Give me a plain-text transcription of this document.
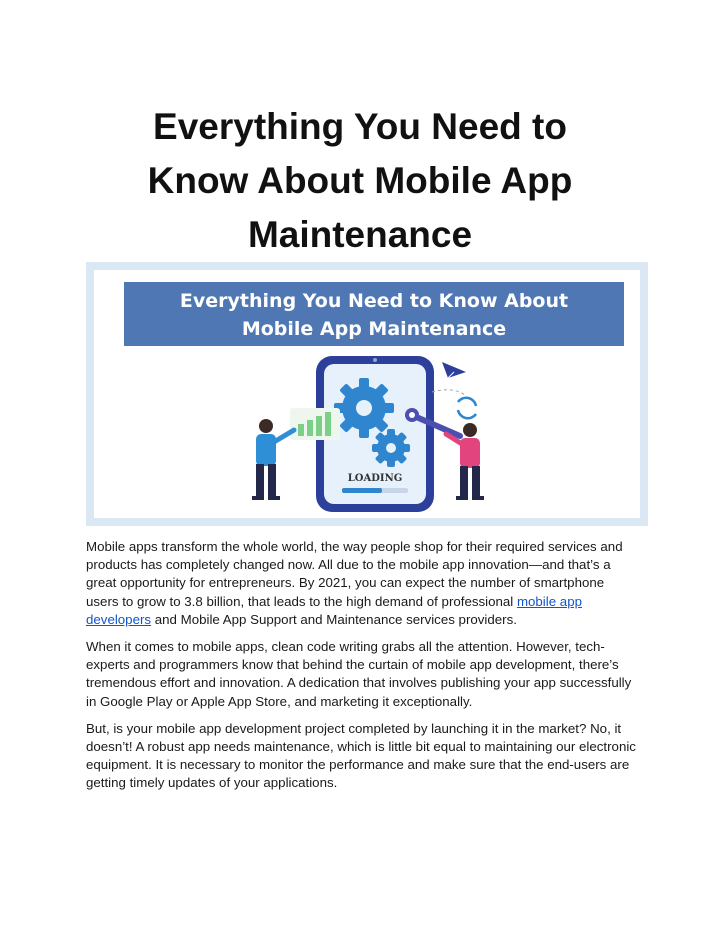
Everything You Need to
Know About Mobile App
Maintenance
Everything You Need to Know About
Mobile App Maintenance
LOADING

Mobile apps transform the whole world, the way people shop for their required services and products has completely changed now. All due to the mobile app innovation—and that’s a great opportunity for entrepreneurs. By 2021, you can expect the number of smartphone users to grow to 3.8 billion, that leads to the high demand of professional mobile app developers and Mobile App Support and Maintenance services providers.

When it comes to mobile apps, clean code writing grabs all the attention. However, tech-experts and programmers know that behind the curtain of mobile app development, there’s tremendous effort and innovation. A dedication that involves publishing your app successfully in Google Play or Apple App Store, and marketing it exceptionally.

But, is your mobile app development project completed by launching it in the market? No, it doesn’t! A robust app needs maintenance, which is little bit equal to maintaining our electronic equipment. It is necessary to monitor the performance and make sure that the end-users are getting timely updates of your applications.
